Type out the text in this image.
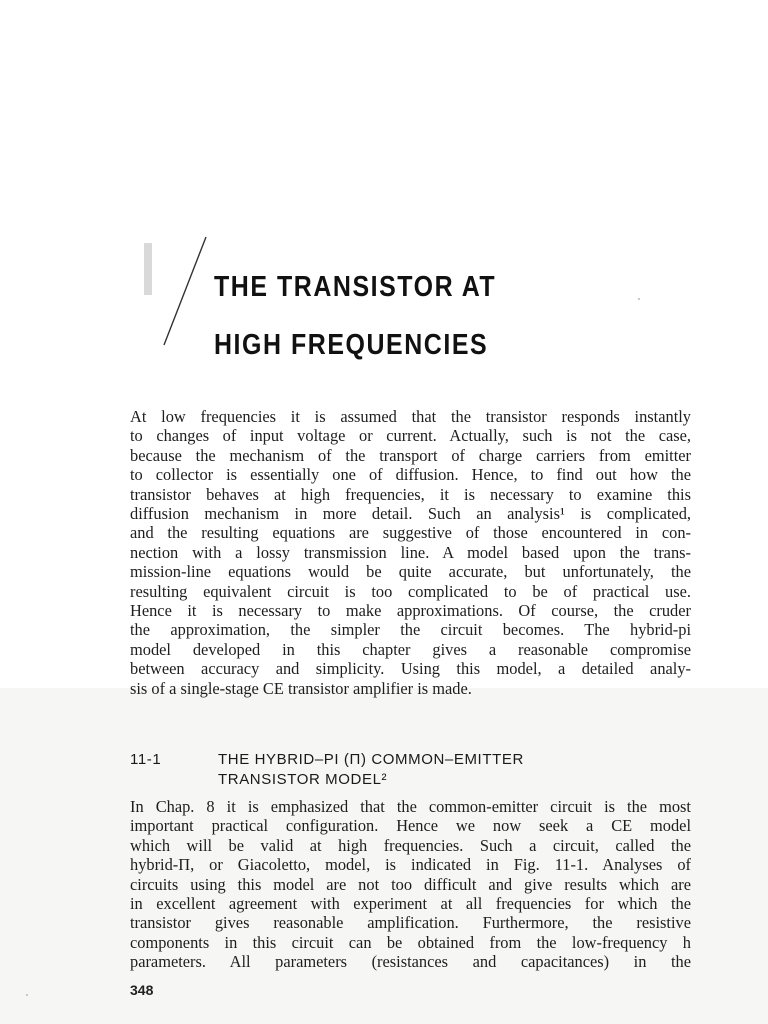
THE TRANSISTOR AT
HIGH FREQUENCIES
At low frequencies it is assumed that the transistor responds instantly
to changes of input voltage or current. Actually, such is not the case,
because the mechanism of the transport of charge carriers from emitter
to collector is essentially one of diffusion. Hence, to find out how the
transistor behaves at high frequencies, it is necessary to examine this
diffusion mechanism in more detail. Such an analysis¹ is complicated,
and the resulting equations are suggestive of those encountered in con-
nection with a lossy transmission line. A model based upon the trans-
mission-line equations would be quite accurate, but unfortunately, the
resulting equivalent circuit is too complicated to be of practical use.
Hence it is necessary to make approximations. Of course, the cruder
the approximation, the simpler the circuit becomes. The hybrid-pi
model developed in this chapter gives a reasonable compromise
between accuracy and simplicity. Using this model, a detailed analy-
sis of a single-stage CE transistor amplifier is made.
11-1	THE HYBRID–PI (Π) COMMON–EMITTER
TRANSISTOR MODEL²
In Chap. 8 it is emphasized that the common-emitter circuit is the most
important practical configuration. Hence we now seek a CE model
which will be valid at high frequencies. Such a circuit, called the
hybrid-Π, or Giacoletto, model, is indicated in Fig. 11-1. Analyses of
circuits using this model are not too difficult and give results which are
in excellent agreement with experiment at all frequencies for which the
transistor gives reasonable amplification. Furthermore, the resistive
components in this circuit can be obtained from the low-frequency h
parameters. All parameters (resistances and capacitances) in the
348
